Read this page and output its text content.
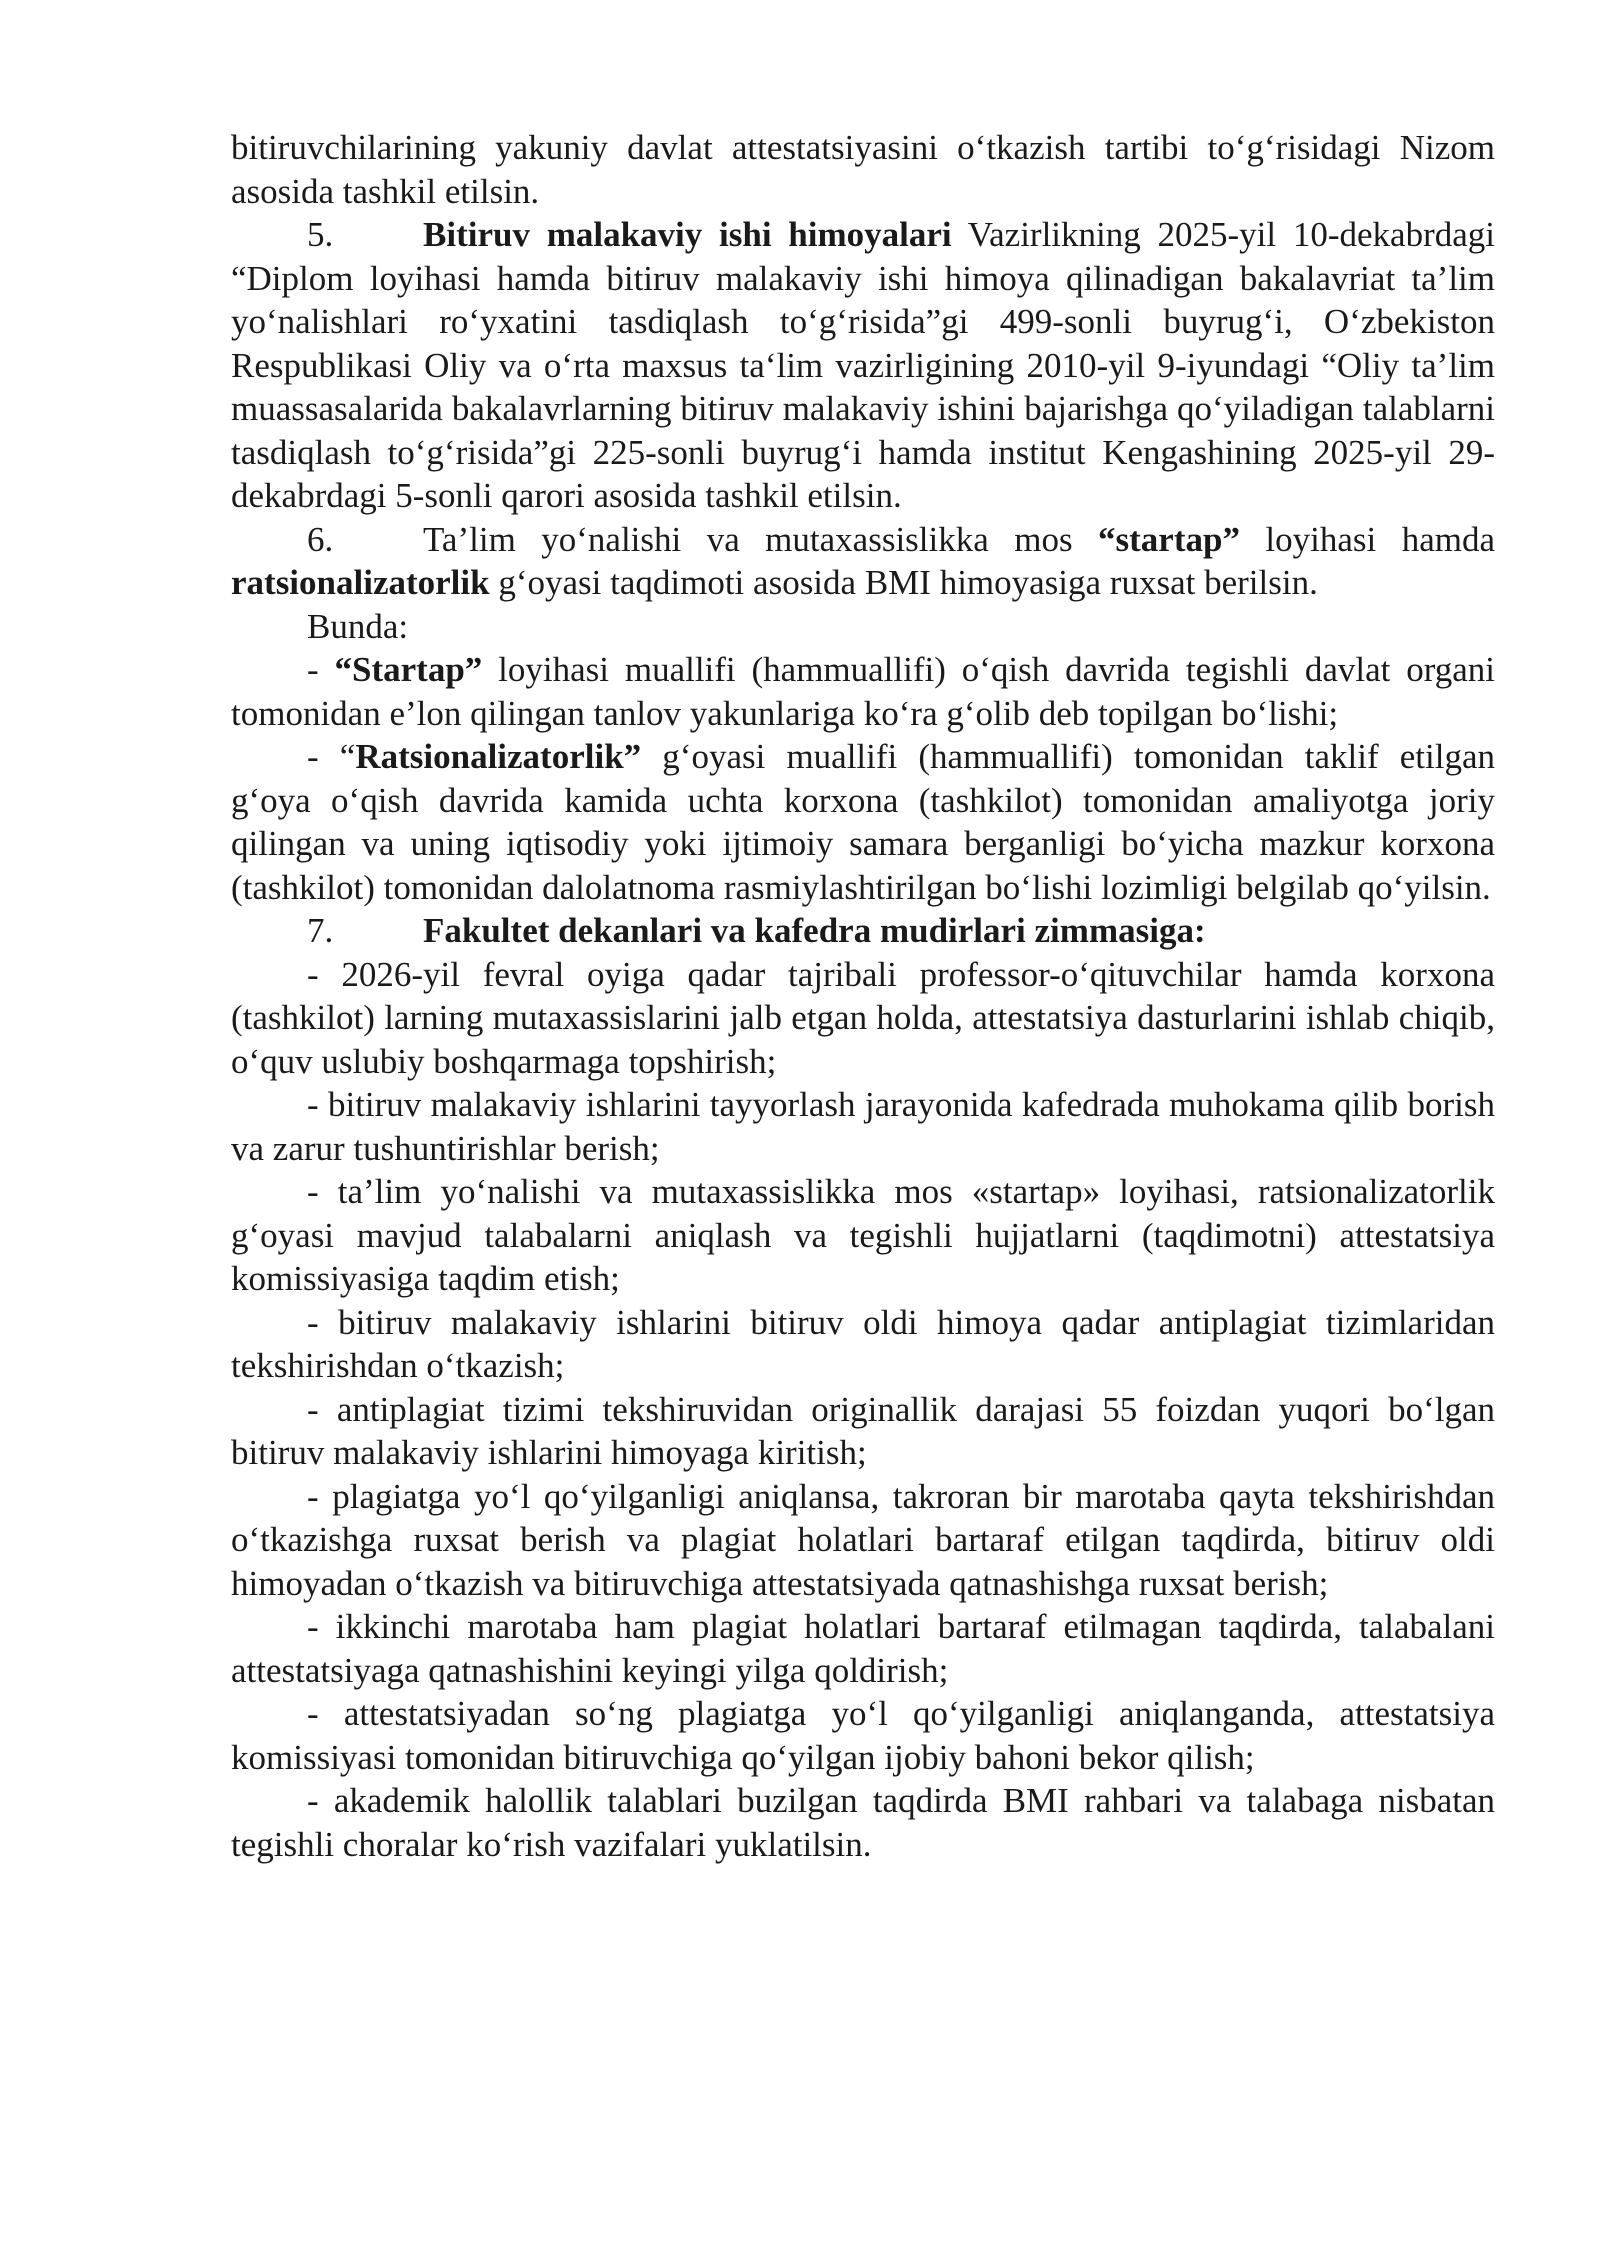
bitiruvchilarining yakuniy davlat attestatsiyasini o‘tkazish tartibi to‘g‘risidagi Nizom asosida tashkil etilsin.

5.	Bitiruv malakaviy ishi himoyalari Vazirlikning 2025-yil 10-dekabrdagi “Diplom loyihasi hamda bitiruv malakaviy ishi himoya qilinadigan bakalavriat ta’lim yo‘nalishlari ro‘yxatini tasdiqlash to‘g‘risida”gi 499-sonli buyrug‘i, O‘zbekiston Respublikasi Oliy va o‘rta maxsus ta‘lim vazirligining 2010-yil 9-iyundagi “Oliy ta’lim muassasalarida bakalavrlarning bitiruv malakaviy ishini bajarishga qo‘yiladigan talablarni tasdiqlash to‘g‘risida”gi 225-sonli buyrug‘i hamda institut Kengashining 2025-yil 29-dekabrdagi 5-sonli qarori asosida tashkil etilsin.

6.	Ta’lim yo‘nalishi va mutaxassislikka mos “startap” loyihasi hamda ratsionalizatorlik g‘oyasi taqdimoti asosida BMI himoyasiga ruxsat berilsin.

Bunda:

- “Startap” loyihasi muallifi (hammuallifi) o‘qish davrida tegishli davlat organi tomonidan e’lon qilingan tanlov yakunlariga ko‘ra g‘olib deb topilgan bo‘lishi;

- “Ratsionalizatorlik” g‘oyasi muallifi (hammuallifi) tomonidan taklif etilgan g‘oya o‘qish davrida kamida uchta korxona (tashkilot) tomonidan amaliyotga joriy qilingan va uning iqtisodiy yoki ijtimoiy samara berganligi bo‘yicha mazkur korxona (tashkilot) tomonidan dalolatnoma rasmiylashtirilgan bo‘lishi lozimligi belgilab qo‘yilsin.

7.	Fakultet dekanlari va kafedra mudirlari zimmasiga:

- 2026-yil fevral oyiga qadar tajribali professor-o‘qituvchilar hamda korxona (tashkilot) larning mutaxassislarini jalb etgan holda, attestatsiya dasturlarini ishlab chiqib, o‘quv uslubiy boshqarmaga topshirish;

- bitiruv malakaviy ishlarini tayyorlash jarayonida kafedrada muhokama qilib borish va zarur tushuntirishlar berish;

- ta’lim yo‘nalishi va mutaxassislikka mos «startap» loyihasi, ratsionalizatorlik g‘oyasi mavjud talabalarni aniqlash va tegishli hujjatlarni (taqdimotni) attestatsiya komissiyasiga taqdim etish;

- bitiruv malakaviy ishlarini bitiruv oldi himoya qadar antiplagiat tizimlaridan tekshirishdan o‘tkazish;

- antiplagiat tizimi tekshiruvidan originallik darajasi 55 foizdan yuqori bo‘lgan bitiruv malakaviy ishlarini himoyaga kiritish;

- plagiatga yo‘l qo‘yilganligi aniqlansa, takroran bir marotaba qayta tekshirishdan o‘tkazishga ruxsat berish va plagiat holatlari bartaraf etilgan taqdirda, bitiruv oldi himoyadan o‘tkazish va bitiruvchiga attestatsiyada qatnashishga ruxsat berish;

- ikkinchi marotaba ham plagiat holatlari bartaraf etilmagan taqdirda, talabalani attestatsiyaga qatnashishini keyingi yilga qoldirish;

- attestatsiyadan so‘ng plagiatga yo‘l qo‘yilganligi aniqlanganda, attestatsiya komissiyasi tomonidan bitiruvchiga qo‘yilgan ijobiy bahoni bekor qilish;

- akademik halollik talablari buzilgan taqdirda BMI rahbari va talabaga nisbatan tegishli choralar ko‘rish vazifalari yuklatilsin.
